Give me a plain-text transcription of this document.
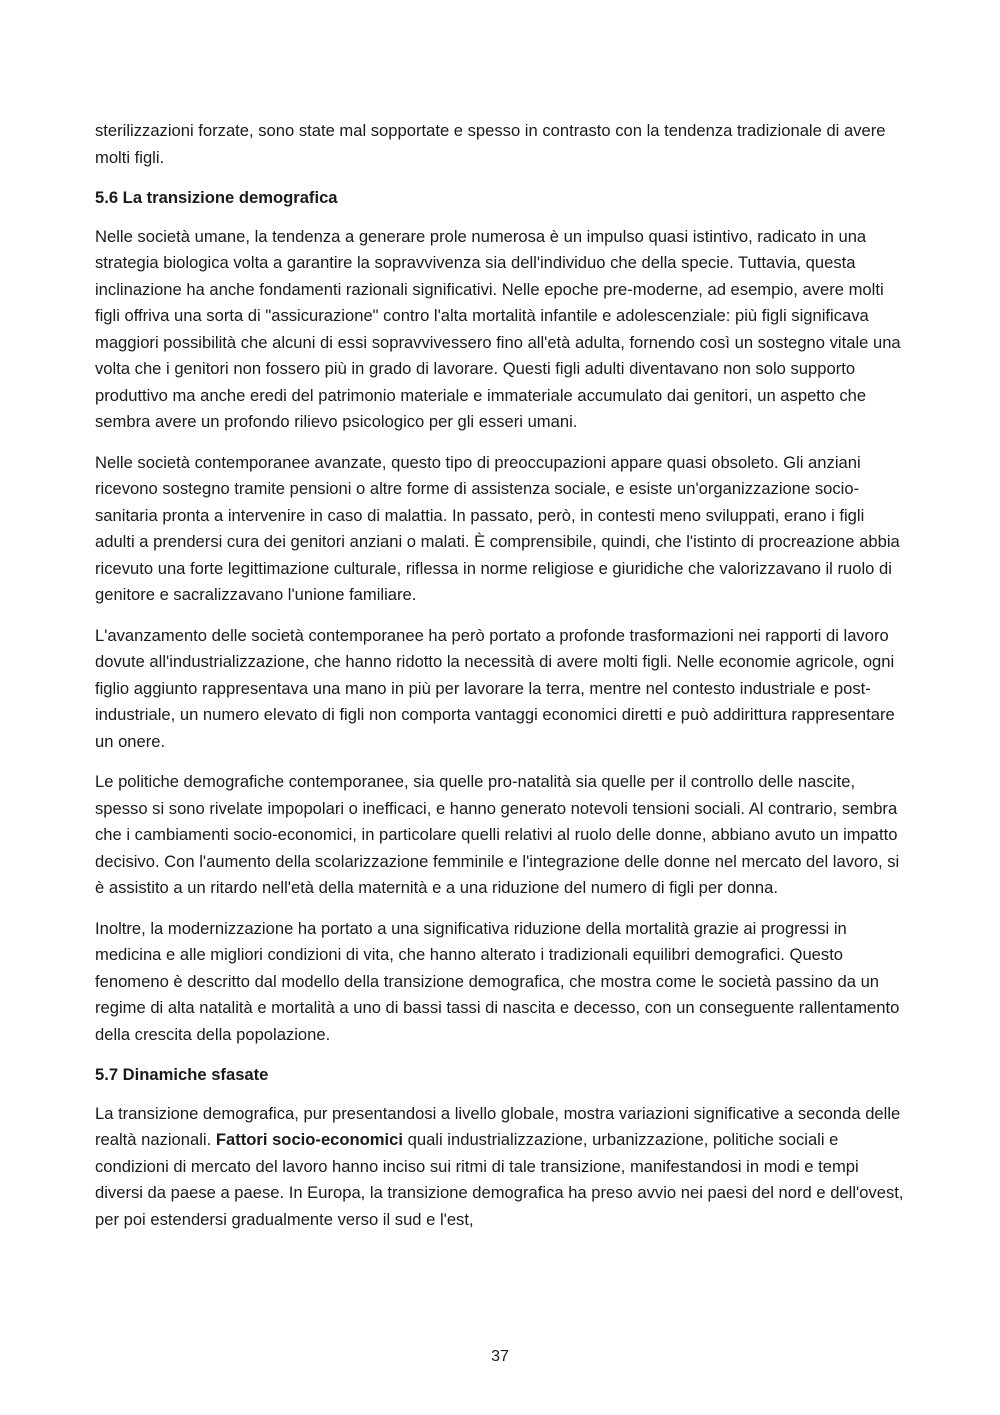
sterilizzazioni forzate, sono state mal sopportate e spesso in contrasto con la tendenza tradizionale di avere molti figli.

5.6 La transizione demografica

Nelle società umane, la tendenza a generare prole numerosa è un impulso quasi istintivo, radicato in una strategia biologica volta a garantire la sopravvivenza sia dell'individuo che della specie. Tuttavia, questa inclinazione ha anche fondamenti razionali significativi. Nelle epoche pre-moderne, ad esempio, avere molti figli offriva una sorta di "assicurazione" contro l'alta mortalità infantile e adolescenziale: più figli significava maggiori possibilità che alcuni di essi sopravvivessero fino all'età adulta, fornendo così un sostegno vitale una volta che i genitori non fossero più in grado di lavorare. Questi figli adulti diventavano non solo supporto produttivo ma anche eredi del patrimonio materiale e immateriale accumulato dai genitori, un aspetto che sembra avere un profondo rilievo psicologico per gli esseri umani.

Nelle società contemporanee avanzate, questo tipo di preoccupazioni appare quasi obsoleto. Gli anziani ricevono sostegno tramite pensioni o altre forme di assistenza sociale, e esiste un'organizzazione socio-sanitaria pronta a intervenire in caso di malattia. In passato, però, in contesti meno sviluppati, erano i figli adulti a prendersi cura dei genitori anziani o malati. È comprensibile, quindi, che l'istinto di procreazione abbia ricevuto una forte legittimazione culturale, riflessa in norme religiose e giuridiche che valorizzavano il ruolo di genitore e sacralizzavano l'unione familiare.

L'avanzamento delle società contemporanee ha però portato a profonde trasformazioni nei rapporti di lavoro dovute all'industrializzazione, che hanno ridotto la necessità di avere molti figli. Nelle economie agricole, ogni figlio aggiunto rappresentava una mano in più per lavorare la terra, mentre nel contesto industriale e post-industriale, un numero elevato di figli non comporta vantaggi economici diretti e può addirittura rappresentare un onere.

Le politiche demografiche contemporanee, sia quelle pro-natalità sia quelle per il controllo delle nascite, spesso si sono rivelate impopolari o inefficaci, e hanno generato notevoli tensioni sociali. Al contrario, sembra che i cambiamenti socio-economici, in particolare quelli relativi al ruolo delle donne, abbiano avuto un impatto decisivo. Con l'aumento della scolarizzazione femminile e l'integrazione delle donne nel mercato del lavoro, si è assistito a un ritardo nell'età della maternità e a una riduzione del numero di figli per donna.

Inoltre, la modernizzazione ha portato a una significativa riduzione della mortalità grazie ai progressi in medicina e alle migliori condizioni di vita, che hanno alterato i tradizionali equilibri demografici. Questo fenomeno è descritto dal modello della transizione demografica, che mostra come le società passino da un regime di alta natalità e mortalità a uno di bassi tassi di nascita e decesso, con un conseguente rallentamento della crescita della popolazione.

5.7 Dinamiche sfasate

La transizione demografica, pur presentandosi a livello globale, mostra variazioni significative a seconda delle realtà nazionali. Fattori socio-economici quali industrializzazione, urbanizzazione, politiche sociali e condizioni di mercato del lavoro hanno inciso sui ritmi di tale transizione, manifestandosi in modi e tempi diversi da paese a paese. In Europa, la transizione demografica ha preso avvio nei paesi del nord e dell'ovest, per poi estendersi gradualmente verso il sud e l'est,

37
